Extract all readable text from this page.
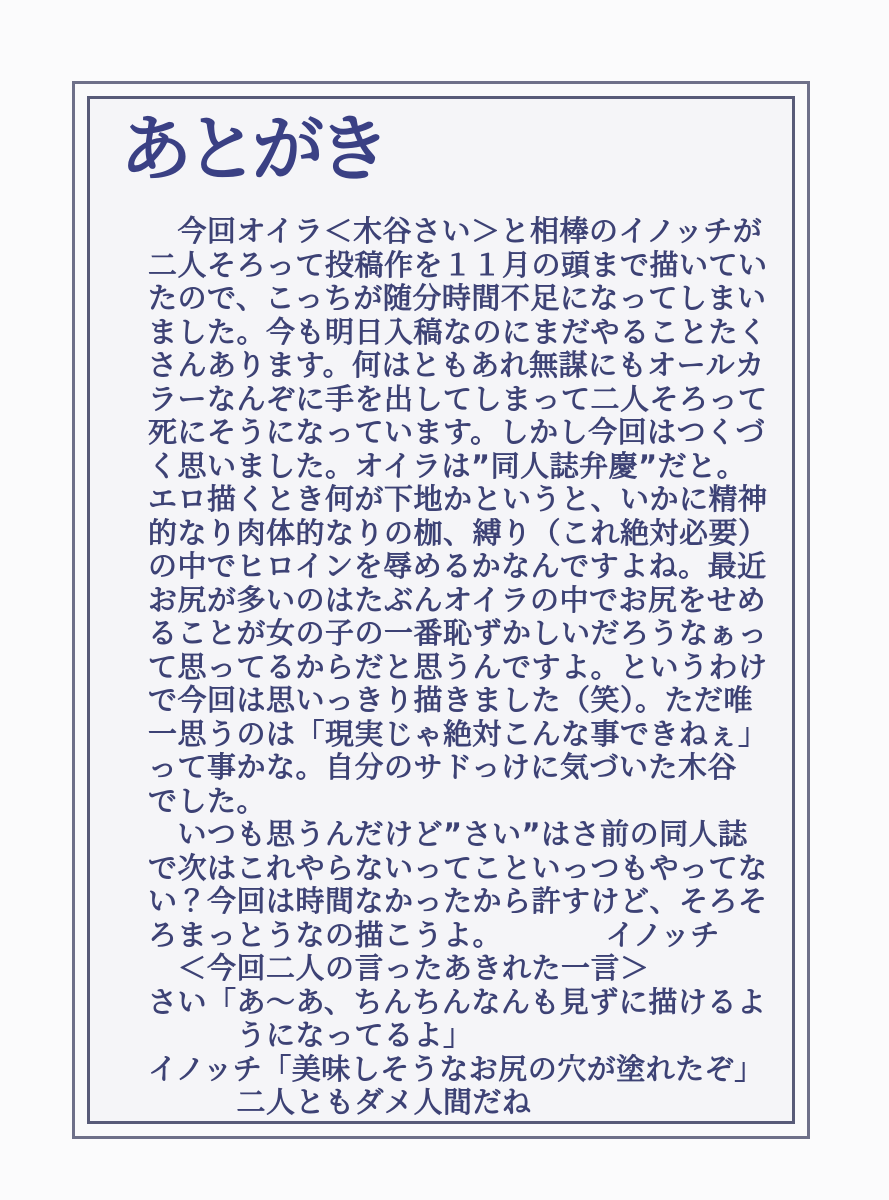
あとがき
　今回オイラ＜木谷さい＞と相棒のイノッチが
二人そろって投稿作を１１月の頭まで描いてい
たので、こっちが随分時間不足になってしまい
ました。今も明日入稿なのにまだやることたく
さんあります。何はともあれ無謀にもオールカ
ラーなんぞに手を出してしまって二人そろって
死にそうになっています。しかし今回はつくづ
く思いました。オイラは”同人誌弁慶”だと。
エロ描くとき何が下地かというと、いかに精神
的なり肉体的なりの枷、縛り（これ絶対必要）
の中でヒロインを辱めるかなんですよね。最近
お尻が多いのはたぶんオイラの中でお尻をせめ
ることが女の子の一番恥ずかしいだろうなぁっ
て思ってるからだと思うんですよ。というわけ
で今回は思いっきり描きました（笑）。ただ唯
一思うのは「現実じゃ絶対こんな事できねぇ」
って事かな。自分のサドっけに気づいた木谷
でした。
　いつも思うんだけど”さい”はさ前の同人誌
で次はこれやらないってこといっつもやってな
い？今回は時間なかったから許すけど、そろそ
ろまっとうなの描こうよ。　　　　イノッチ
　＜今回二人の言ったあきれた一言＞
さい「あ〜あ、ちんちんなんも見ずに描けるよ
　　　うになってるよ」
イノッチ「美味しそうなお尻の穴が塗れたぞ」
　　　二人ともダメ人間だね
